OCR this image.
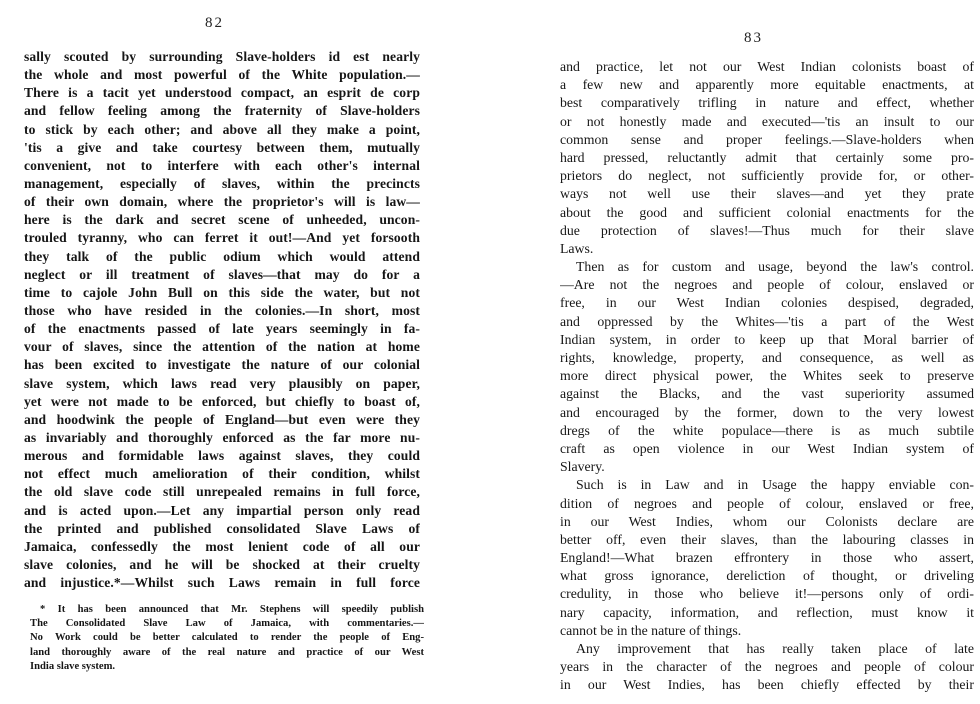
82
sally scouted by surrounding Slave-holders id est nearly
the whole and most powerful of the White population.—
There is a tacit yet understood compact, an esprit de corp
and fellow feeling among the fraternity of Slave-holders
to stick by each other; and above all they make a point,
'tis a give and take courtesy between them, mutually
convenient, not to interfere with each other's internal
management, especially of slaves, within the precincts
of their own domain, where the proprietor's will is law—
here is the dark and secret scene of unheeded, uncon-
trouled tyranny, who can ferret it out!—And yet forsooth
they talk of the public odium which would attend
neglect or ill treatment of slaves—that may do for a
time to cajole John Bull on this side the water, but not
those who have resided in the colonies.—In short, most
of the enactments passed of late years seemingly in fa-
vour of slaves, since the attention of the nation at home
has been excited to investigate the nature of our colonial
slave system, which laws read very plausibly on paper,
yet were not made to be enforced, but chiefly to boast of,
and hoodwink the people of England—but even were they
as invariably and thoroughly enforced as the far more nu-
merous and formidable laws against slaves, they could
not effect much amelioration of their condition, whilst
the old slave code still unrepealed remains in full force,
and is acted upon.—Let any impartial person only read
the printed and published consolidated Slave Laws of
Jamaica, confessedly the most lenient code of all our
slave colonies, and he will be shocked at their cruelty
and injustice.*—Whilst such Laws remain in full force
* It has been announced that Mr. Stephens will speedily publish
The Consolidated Slave Law of Jamaica, with commentaries.—
No Work could be better calculated to render the people of Eng-
land thoroughly aware of the real nature and practice of our West
India slave system.
83
and practice, let not our West Indian colonists boast of
a few new and apparently more equitable enactments, at
best comparatively trifling in nature and effect, whether
or not honestly made and executed—'tis an insult to our
common sense and proper feelings.—Slave-holders when
hard pressed, reluctantly admit that certainly some pro-
prietors do neglect, not sufficiently provide for, or other-
ways not well use their slaves—and yet they prate
about the good and sufficient colonial enactments for the
due protection of slaves!—Thus much for their slave
Laws.
Then as for custom and usage, beyond the law's control.
—Are not the negroes and people of colour, enslaved or
free, in our West Indian colonies despised, degraded,
and oppressed by the Whites—'tis a part of the West
Indian system, in order to keep up that Moral barrier of
rights, knowledge, property, and consequence, as well as
more direct physical power, the Whites seek to preserve
against the Blacks, and the vast superiority assumed
and encouraged by the former, down to the very lowest
dregs of the white populace—there is as much subtile
craft as open violence in our West Indian system of
Slavery.
Such is in Law and in Usage the happy enviable con-
dition of negroes and people of colour, enslaved or free,
in our West Indies, whom our Colonists declare are
better off, even their slaves, than the labouring classes in
England!—What brazen effrontery in those who assert,
what gross ignorance, dereliction of thought, or driveling
credulity, in those who believe it!—persons only of ordi-
nary capacity, information, and reflection, must know it
cannot be in the nature of things.
Any improvement that has really taken place of late
years in the character of the negroes and people of colour
in our West Indies, has been chiefly effected by their
